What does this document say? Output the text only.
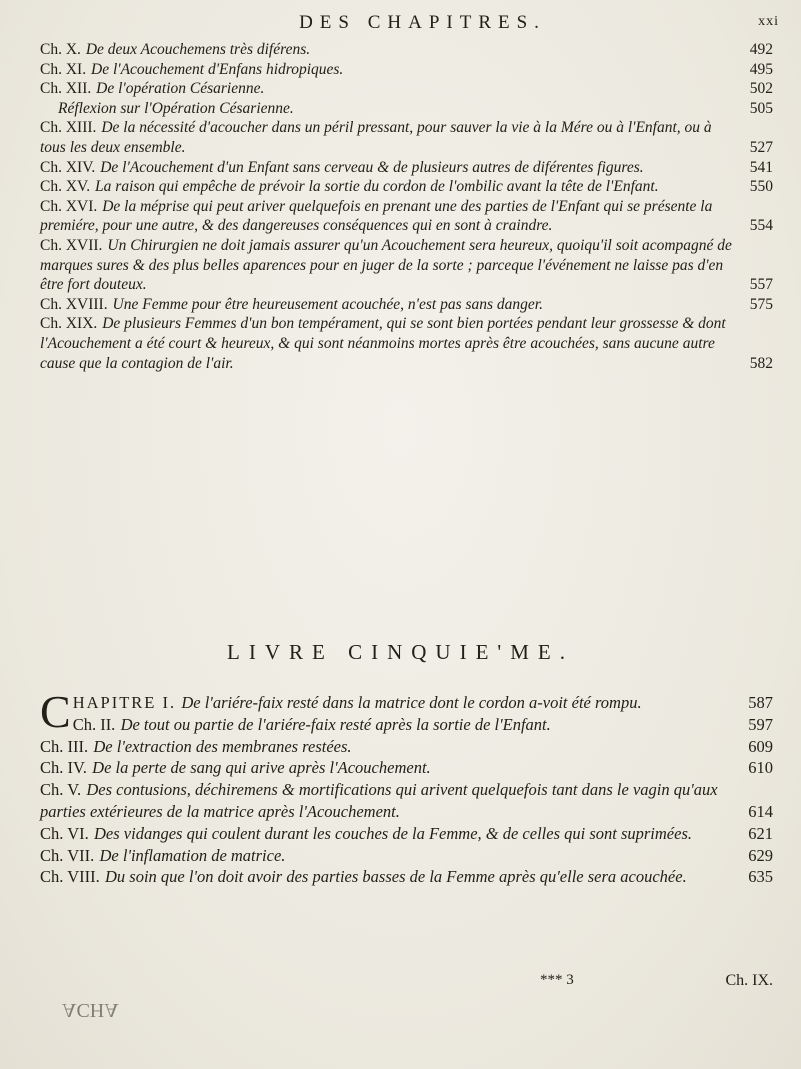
DES CHAPITRES.	xxi
Ch. X. De deux Acouchemens très diférens.	492
Ch. XI. De l'Acouchement d'Enfans hidropiques.	495
Ch. XII. De l'opération Césarienne.	502
Réflexion sur l'Opération Césarienne.	505
Ch. XIII. De la nécessité d'acoucher dans un péril pressant, pour sauver la vie à la Mére ou à l'Enfant, ou à tous les deux ensemble.	527
Ch. XIV. De l'Acouchement d'un Enfant sans cerveau & de plusieurs autres de diférentes figures.	541
Ch. XV. La raison qui empêche de prévoir la sortie du cordon de l'ombilic avant la tête de l'Enfant.	550
Ch. XVI. De la méprise qui peut ariver quelquefois en prenant une des parties de l'Enfant qui se présente la premiére, pour une autre, & des dangereuses conséquences qui en sont à craindre.	554
Ch. XVII. Un Chirurgien ne doit jamais assurer qu'un Acouchement sera heureux, quoiqu'il soit acompagné de marques sures & des plus belles aparences pour en juger de la sorte ; parceque l'événement ne laisse pas d'en être fort douteux.	557
Ch. XVIII. Une Femme pour être heureusement acouchée, n'est pas sans danger.	575
Ch. XIX. De plusieurs Femmes d'un bon tempérament, qui se sont bien portées pendant leur grossesse & dont l'Acouchement a été court & heureux, & qui sont néanmoins mortes après être acouchées, sans aucune autre cause que la contagion de l'air.	582
LIVRE CINQUIE'ME.
CHAPITRE I. De l'ariére-faix resté dans la matrice dont le cordon a-voit été rompu.	587
Ch. II. De tout ou partie de l'ariére-faix resté après la sortie de l'Enfant.	597
Ch. III. De l'extraction des membranes restées.	609
Ch. IV. De la perte de sang qui arive après l'Acouchement.	610
Ch. V. Des contusions, déchiremens & mortifications qui arivent quelquefois tant dans le vagin qu'aux parties extérieures de la matrice après l'Acouchement.	614
Ch. VI. Des vidanges qui coulent durant les couches de la Femme, & de celles qui sont suprimées.	621
Ch. VII. De l'inflamation de matrice.	629
Ch. VIII. Du soin que l'on doit avoir des parties basses de la Femme après qu'elle sera acouchée.	635
*** 3	Ch. IX.
ACHA
